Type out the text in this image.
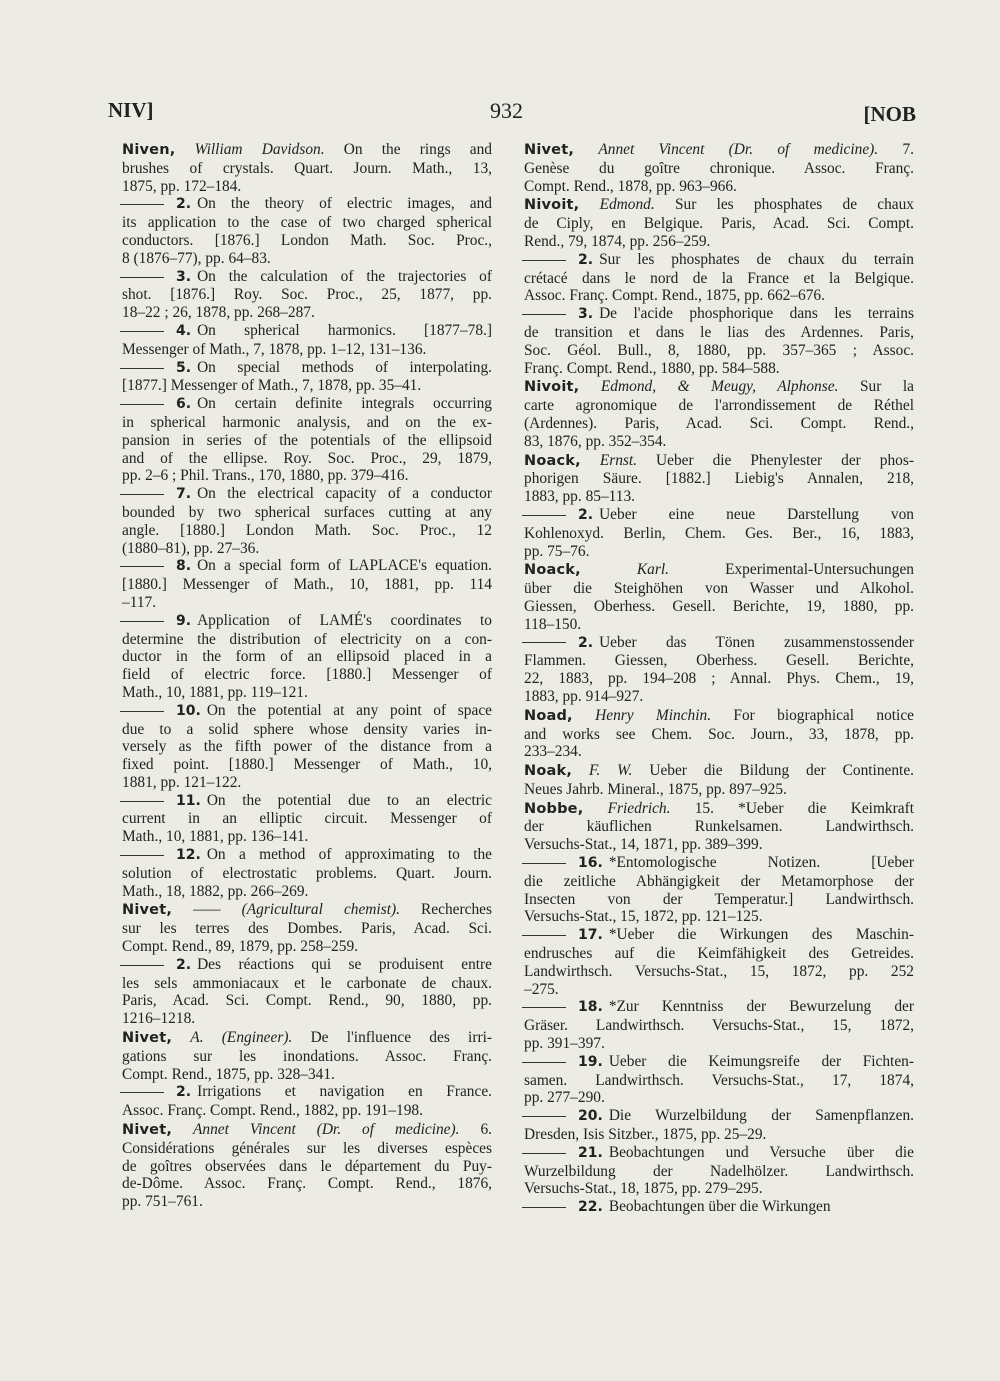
NIV]	932	[NOB
Niven, William Davidson. On the rings and
brushes of crystals. Quart. Journ. Math., 13,
1875, pp. 172–184.
2. On the theory of electric images, and
its application to the case of two charged spherical
conductors. [1876.] London Math. Soc. Proc.,
8 (1876–77), pp. 64–83.
3. On the calculation of the trajectories of
shot. [1876.] Roy. Soc. Proc., 25, 1877, pp.
18–22 ; 26, 1878, pp. 268–287.
4. On spherical harmonics. [1877–78.]
Messenger of Math., 7, 1878, pp. 1–12, 131–136.
5. On special methods of interpolating.
[1877.] Messenger of Math., 7, 1878, pp. 35–41.
6. On certain definite integrals occurring
in spherical harmonic analysis, and on the ex-
pansion in series of the potentials of the ellipsoid
and of the ellipse. Roy. Soc. Proc., 29, 1879,
pp. 2–6 ; Phil. Trans., 170, 1880, pp. 379–416.
7. On the electrical capacity of a conductor
bounded by two spherical surfaces cutting at any
angle. [1880.] London Math. Soc. Proc., 12
(1880–81), pp. 27–36.
8. On a special form of LAPLACE's equation.
[1880.] Messenger of Math., 10, 1881, pp. 114
–117.
9. Application of LAMÉ's coordinates to
determine the distribution of electricity on a con-
ductor in the form of an ellipsoid placed in a
field of electric force. [1880.] Messenger of
Math., 10, 1881, pp. 119–121.
10. On the potential at any point of space
due to a solid sphere whose density varies in-
versely as the fifth power of the distance from a
fixed point. [1880.] Messenger of Math., 10,
1881, pp. 121–122.
11. On the potential due to an electric
current in an elliptic circuit. Messenger of
Math., 10, 1881, pp. 136–141.
12. On a method of approximating to the
solution of electrostatic problems. Quart. Journ.
Math., 18, 1882, pp. 266–269.
Nivet, —— (Agricultural chemist). Recherches
sur les terres des Dombes. Paris, Acad. Sci.
Compt. Rend., 89, 1879, pp. 258–259.
2. Des réactions qui se produisent entre
les sels ammoniacaux et le carbonate de chaux.
Paris, Acad. Sci. Compt. Rend., 90, 1880, pp.
1216–1218.
Nivet, A. (Engineer). De l'influence des irri-
gations sur les inondations. Assoc. Franç.
Compt. Rend., 1875, pp. 328–341.
2. Irrigations et navigation en France.
Assoc. Franç. Compt. Rend., 1882, pp. 191–198.
Nivet, Annet Vincent (Dr. of medicine). 6.
Considérations générales sur les diverses espèces
de goîtres observées dans le département du Puy-
de-Dôme. Assoc. Franç. Compt. Rend., 1876,
pp. 751–761.
Nivet, Annet Vincent (Dr. of medicine). 7.
Genèse du goître chronique. Assoc. Franç.
Compt. Rend., 1878, pp. 963–966.
Nivoit, Edmond. Sur les phosphates de chaux
de Ciply, en Belgique. Paris, Acad. Sci. Compt.
Rend., 79, 1874, pp. 256–259.
2. Sur les phosphates de chaux du terrain
crétacé dans le nord de la France et la Belgique.
Assoc. Franç. Compt. Rend., 1875, pp. 662–676.
3. De l'acide phosphorique dans les terrains
de transition et dans le lias des Ardennes. Paris,
Soc. Géol. Bull., 8, 1880, pp. 357–365 ; Assoc.
Franç. Compt. Rend., 1880, pp. 584–588.
Nivoit, Edmond, & Meugy, Alphonse. Sur la
carte agronomique de l'arrondissement de Réthel
(Ardennes). Paris, Acad. Sci. Compt. Rend.,
83, 1876, pp. 352–354.
Noack, Ernst. Ueber die Phenylester der phos-
phorigen Säure. [1882.] Liebig's Annalen, 218,
1883, pp. 85–113.
2. Ueber eine neue Darstellung von
Kohlenoxyd. Berlin, Chem. Ges. Ber., 16, 1883,
pp. 75–76.
Noack,	Karl.	Experimental-Untersuchungen
über die Steighöhen von Wasser und Alkohol.
Giessen, Oberhess. Gesell. Berichte, 19, 1880, pp.
118–150.
2. Ueber das Tönen zusammenstossender
Flammen. Giessen, Oberhess. Gesell. Berichte,
22, 1883, pp. 194–208 ; Annal. Phys. Chem., 19,
1883, pp. 914–927.
Noad, Henry Minchin. For biographical notice
and works see Chem. Soc. Journ., 33, 1878, pp.
233–234.
Noak, F. W. Ueber die Bildung der Continente.
Neues Jahrb. Mineral., 1875, pp. 897–925.
Nobbe, Friedrich. 15. *Ueber die Keimkraft
der käuflichen Runkelsamen. Landwirthsch.
Versuchs-Stat., 14, 1871, pp. 389–399.
16. *Entomologische Notizen. [Ueber
die zeitliche Abhängigkeit der Metamorphose der
Insecten von der Temperatur.] Landwirthsch.
Versuchs-Stat., 15, 1872, pp. 121–125.
17. *Ueber die Wirkungen des Maschin-
endrusches auf die Keimfähigkeit des Getreides.
Landwirthsch. Versuchs-Stat., 15, 1872, pp. 252
–275.
18. *Zur Kenntniss der Bewurzelung der
Gräser. Landwirthsch. Versuchs-Stat., 15, 1872,
pp. 391–397.
19. Ueber die Keimungsreife der Fichten-
samen. Landwirthsch. Versuchs-Stat., 17, 1874,
pp. 277–290.
20. Die Wurzelbildung der Samenpflanzen.
Dresden, Isis Sitzber., 1875, pp. 25–29.
21. Beobachtungen und Versuche über die
Wurzelbildung der Nadelhölzer. Landwirthsch.
Versuchs-Stat., 18, 1875, pp. 279–295.
22. Beobachtungen über die Wirkungen
